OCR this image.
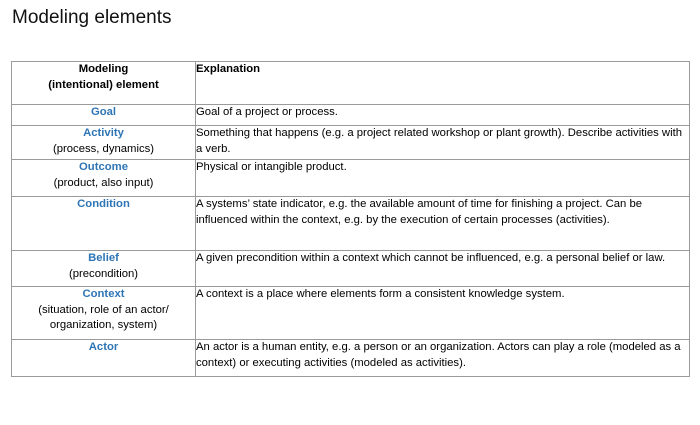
Modeling elements
Modeling
(intentional) element	Explanation

Goal	Goal of a project or process.

Activity
(process, dynamics)	Something that happens (e.g. a project related workshop or plant growth). Describe activities with a verb.

Outcome
(product, also input)	Physical or intangible product.

Condition	A systems’ state indicator, e.g. the available amount of time for finishing a project. Can be influenced within the context, e.g. by the execution of certain processes (activities).

Belief
(precondition)	A given precondition within a context which cannot be influenced, e.g. a personal belief or law.

Context
(situation, role of an actor/ organization, system)	A context is a place where elements form a consistent knowledge system.

Actor	An actor is a human entity, e.g. a person or an organization. Actors can play a role (modeled as a context) or executing activities (modeled as activities).
